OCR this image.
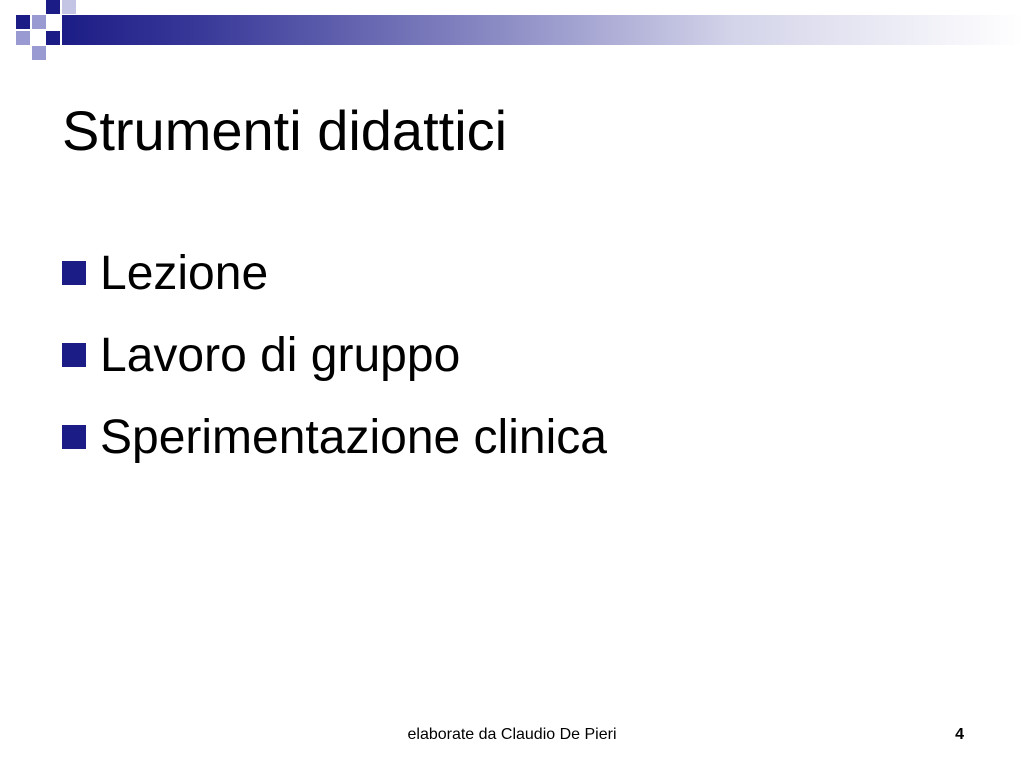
Strumenti didattici
Lezione
Lavoro di gruppo
Sperimentazione clinica
elaborate da Claudio De Pieri	4
